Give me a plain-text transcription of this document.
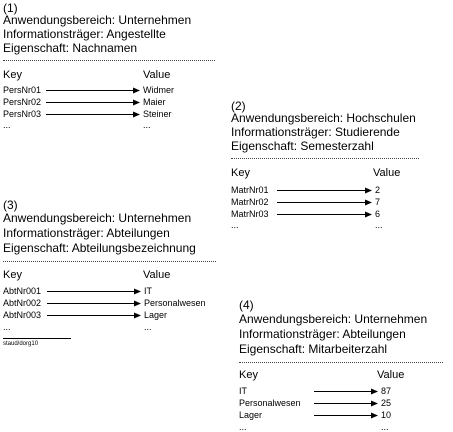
(1)
Anwendungsbereich: Unternehmen
Informationsträger: Angestellte
Eigenschaft: Nachnamen
Key	Value
PersNr01	Widmer
PersNr02	Maier
PersNr03	Steiner
...	...
(2)
Anwendungsbereich: Hochschulen
Informationsträger: Studierende
Eigenschaft: Semesterzahl
Key	Value
MatrNr01	2
MatrNr02	7
MatrNr03	6
...	...
(3)
Anwendungsbereich: Unternehmen
Informationsträger: Abteilungen
Eigenschaft: Abteilungsbezeichnung
Key	Value
AbtNr001	IT
AbtNr002	Personalwesen
AbtNr003	Lager
...	...
staud/dorg10
(4)
Anwendungsbereich: Unternehmen
Informationsträger: Abteilungen
Eigenschaft: Mitarbeiterzahl
Key	Value
IT	87
Personalwesen	25
Lager	10
...	...
